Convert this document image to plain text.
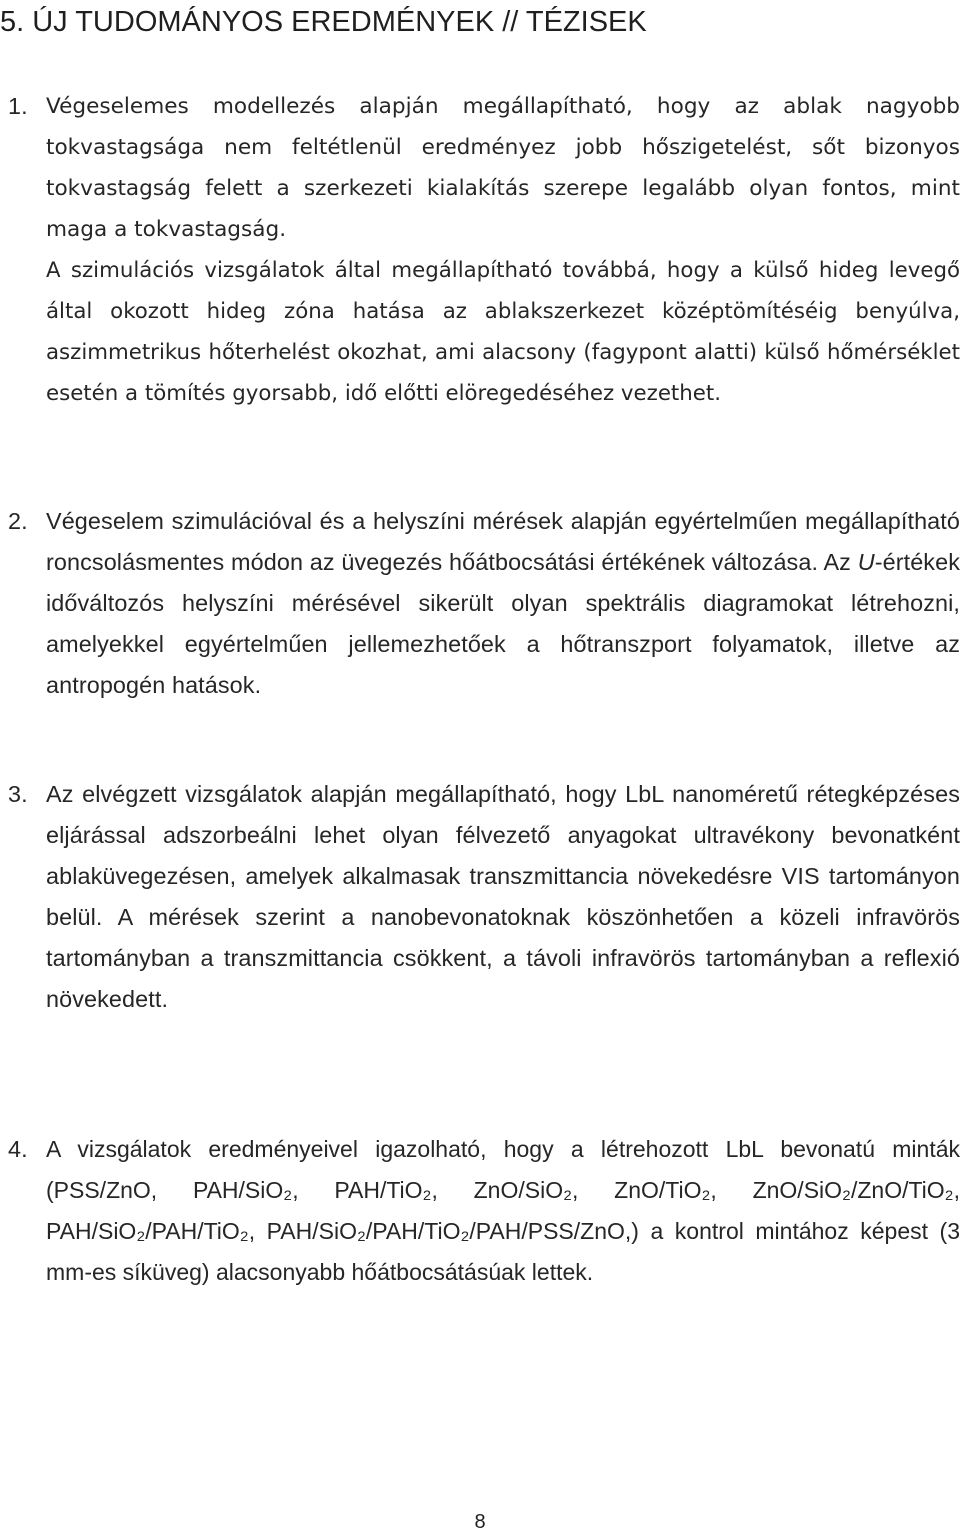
5. ÚJ TUDOMÁNYOS EREDMÉNYEK // TÉZISEK
1. Végeselemes modellezés alapján megállapítható, hogy az ablak nagyobb tokvastagsága nem feltétlenül eredményez jobb hőszigetelést, sőt bizonyos tokvastagság felett a szerkezeti kialakítás szerepe legalább olyan fontos, mint maga a tokvastagság.

A szimulációs vizsgálatok által megállapítható továbbá, hogy a külső hideg levegő által okozott hideg zóna hatása az ablakszerkezet középtömítéséig benyúlva, aszimmetrikus hőterhelést okozhat, ami alacsony (fagypont alatti) külső hőmérséklet esetén a tömítés gyorsabb, idő előtti elöregedéséhez vezethet.

2. Végeselem szimulációval és a helyszíni mérések alapján egyértelműen megállapítható roncsolásmentes módon az üvegezés hőátbocsátási értékének változása. Az U-értékek időváltozós helyszíni mérésével sikerült olyan spektrális diagramokat létrehozni, amelyekkel egyértelműen jellemezhetőek a hőtranszport folyamatok, illetve az antropogén hatások.

3. Az elvégzett vizsgálatok alapján megállapítható, hogy LbL nanoméretű rétegképzéses eljárással adszorbeálni lehet olyan félvezető anyagokat ultravékony bevonatként ablaküvegezésen, amelyek alkalmasak transzmittancia növekedésre VIS tartományon belül. A mérések szerint a nanobevonatoknak köszönhetően a közeli infravörös tartományban a transzmittancia csökkent, a távoli infravörös tartományban a reflexió növekedett.

4. A vizsgálatok eredményeivel igazolható, hogy a létrehozott LbL bevonatú minták (PSS/ZnO, PAH/SiO₂, PAH/TiO₂, ZnO/SiO₂, ZnO/TiO₂, ZnO/SiO₂/ZnO/TiO₂, PAH/SiO₂/PAH/TiO₂, PAH/SiO₂/PAH/TiO₂/PAH/PSS/ZnO,) a kontrol mintához képest (3 mm-es síküveg) alacsonyabb hőátbocsátásúak lettek.

8
